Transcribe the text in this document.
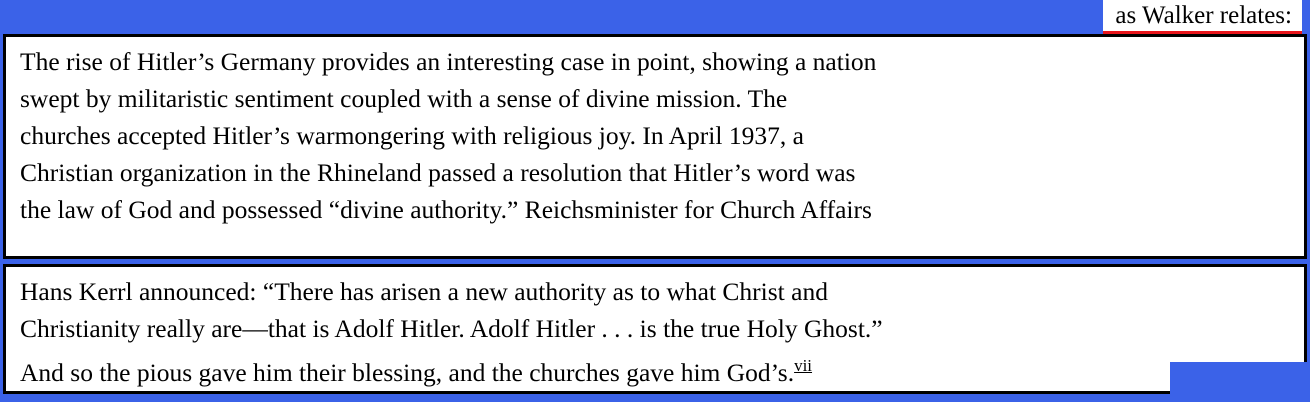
as Walker relates:
The rise of Hitler’s Germany provides an interesting case in point, showing a nation
swept by militaristic sentiment coupled with a sense of divine mission. The
churches accepted Hitler’s warmongering with religious joy. In April 1937, a
Christian organization in the Rhineland passed a resolution that Hitler’s word was
the law of God and possessed “divine authority.” Reichsminister for Church Affairs
Hans Kerrl announced: “There has arisen a new authority as to what Christ and
Christianity really are—that is Adolf Hitler. Adolf Hitler . . . is the true Holy Ghost.”
And so the pious gave him their blessing, and the churches gave him God’s.$^{vii}$
